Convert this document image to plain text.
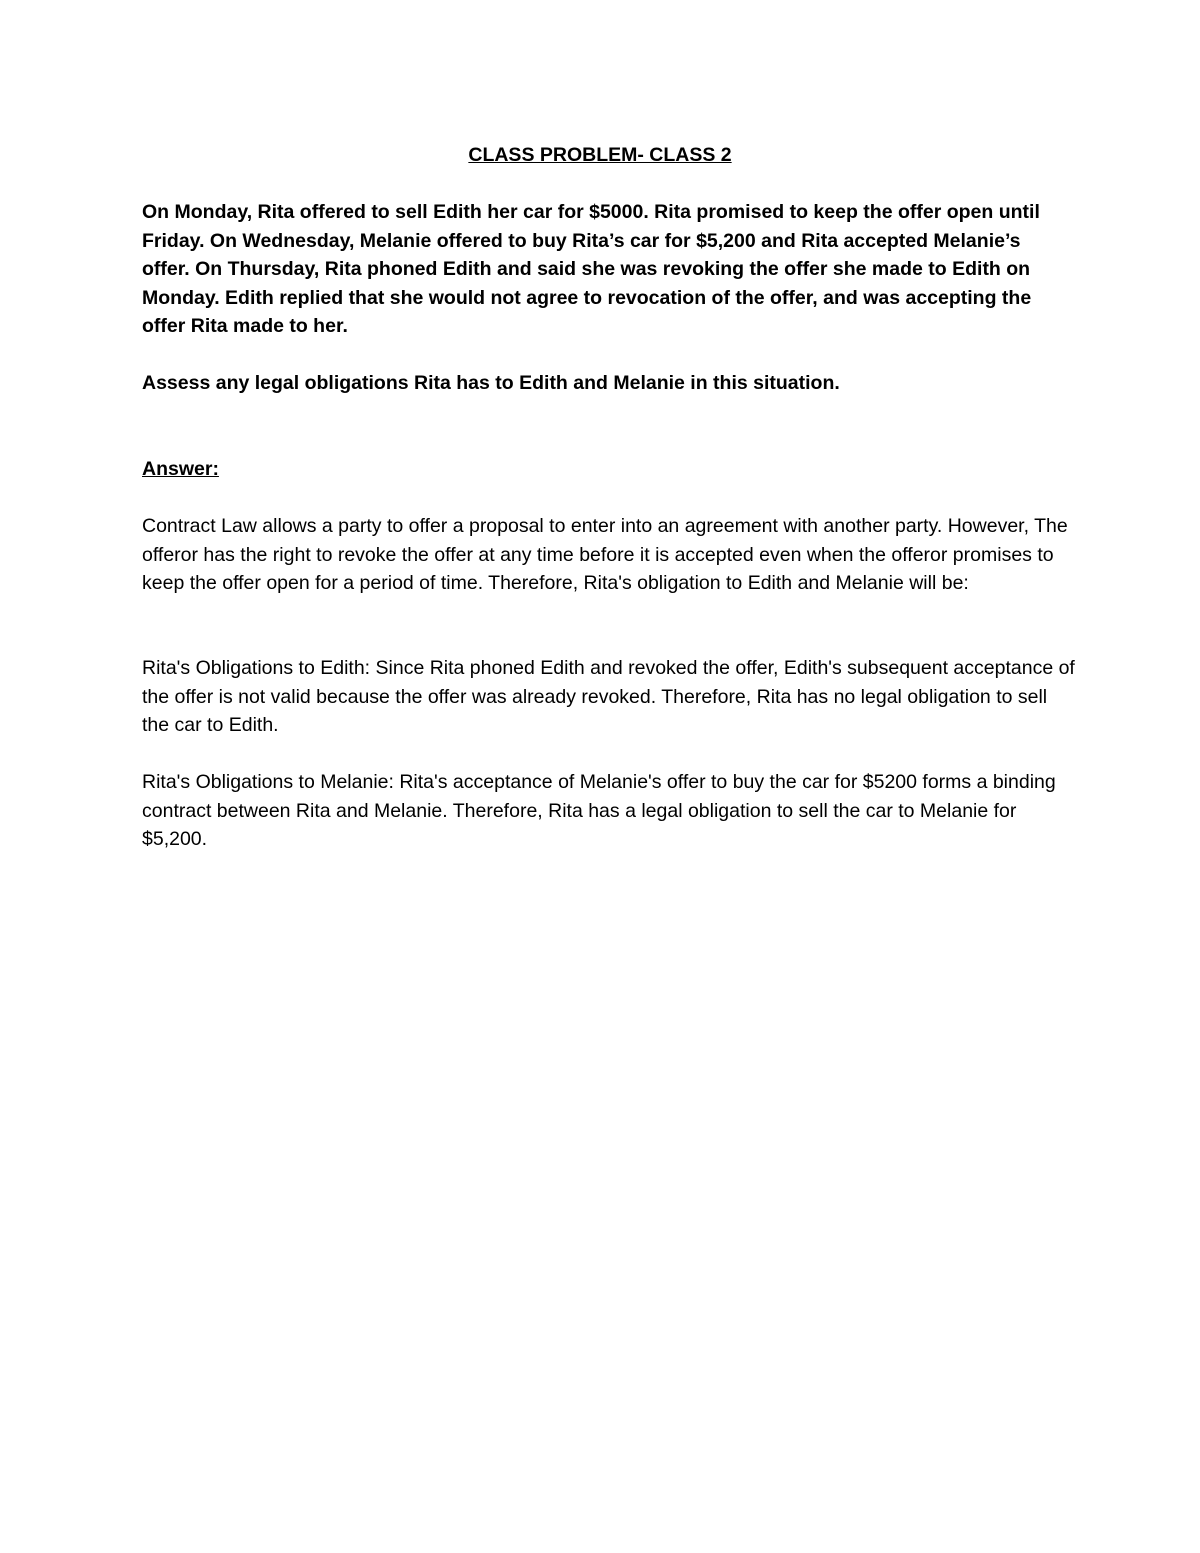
CLASS PROBLEM- CLASS 2

On Monday, Rita offered to sell Edith her car for $5000. Rita promised to keep the offer open until Friday. On Wednesday, Melanie offered to buy Rita’s car for $5,200 and Rita accepted Melanie’s offer. On Thursday, Rita phoned Edith and said she was revoking the offer she made to Edith on Monday. Edith replied that she would not agree to revocation of the offer, and was accepting the offer Rita made to her.

Assess any legal obligations Rita has to Edith and Melanie in this situation.

Answer:

Contract Law allows a party to offer a proposal to enter into an agreement with another party. However, The offeror has the right to revoke the offer at any time before it is accepted even when the offeror promises to keep the offer open for a period of time. Therefore, Rita's obligation to Edith and Melanie will be:

Rita's Obligations to Edith: Since Rita phoned Edith and revoked the offer, Edith's subsequent acceptance of the offer is not valid because the offer was already revoked. Therefore, Rita has no legal obligation to sell the car to Edith.

Rita's Obligations to Melanie: Rita's acceptance of Melanie's offer to buy the car for $5200 forms a binding contract between Rita and Melanie. Therefore, Rita has a legal obligation to sell the car to Melanie for $5,200.
